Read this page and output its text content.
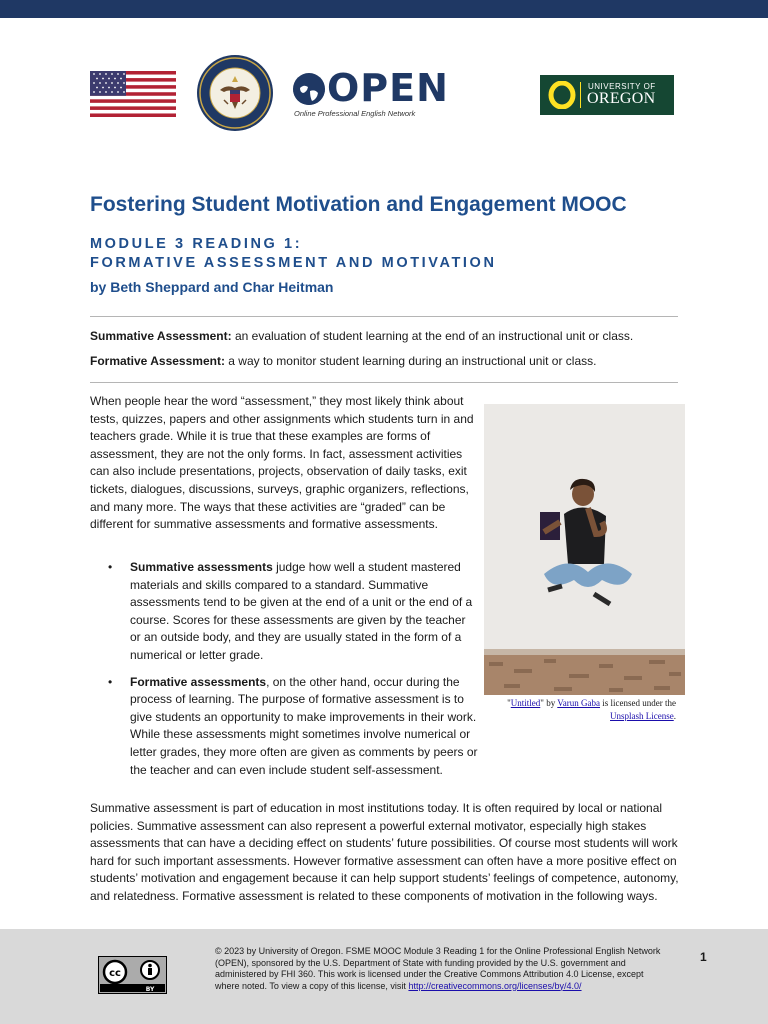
OPEN
Online Professional English Network
UNIVERSITY OF
OREGON
Fostering Student Motivation and Engagement MOOC
MODULE 3 READING 1:
FORMATIVE ASSESSMENT AND MOTIVATION
by Beth Sheppard and Char Heitman
Summative Assessment: an evaluation of student learning at the end of an instructional unit or class.
Formative Assessment: a way to monitor student learning during an instructional unit or class.
When people hear the word “assessment,” they most likely think about tests, quizzes, papers and other assignments which students turn in and teachers grade. While it is true that these examples are forms of assessment, they are not the only forms. In fact, assessment activities can also include presentations, projects, observation of daily tasks, exit tickets, dialogues, discussions, surveys, graphic organizers, reflections, and many more. The ways that these activities are “graded” can be different for summative assessments and formative assessments.
• Summative assessments judge how well a student mastered materials and skills compared to a standard. Summative assessments tend to be given at the end of a unit or the end of a course. Scores for these assessments are given by the teacher or an outside body, and they are usually stated in the form of a numerical or letter grade.
• Formative assessments, on the other hand, occur during the process of learning. The purpose of formative assessment is to give students an opportunity to make improvements in their work. While these assessments might sometimes involve numerical or letter grades, they more often are given as comments by peers or the teacher and can even include student self-assessment.
"Untitled" by Varun Gaba is licensed under the Unsplash License.
Summative assessment is part of education in most institutions today. It is often required by local or national policies. Summative assessment can also represent a powerful external motivator, especially high stakes assessments that can have a deciding effect on students’ future possibilities. Of course most students will work hard for such important assessments. However formative assessment can often have a more positive effect on students’ motivation and engagement because it can help support students’ feelings of competence, autonomy, and relatedness. Formative assessment is related to these components of motivation in the following ways.
cc
BY
© 2023 by University of Oregon. FSME MOOC Module 3 Reading 1 for the Online Professional English Network (OPEN), sponsored by the U.S. Department of State with funding provided by the U.S. government and administered by FHI 360. This work is licensed under the Creative Commons Attribution 4.0 License, except where noted. To view a copy of this license, visit http://creativecommons.org/licenses/by/4.0/
1
